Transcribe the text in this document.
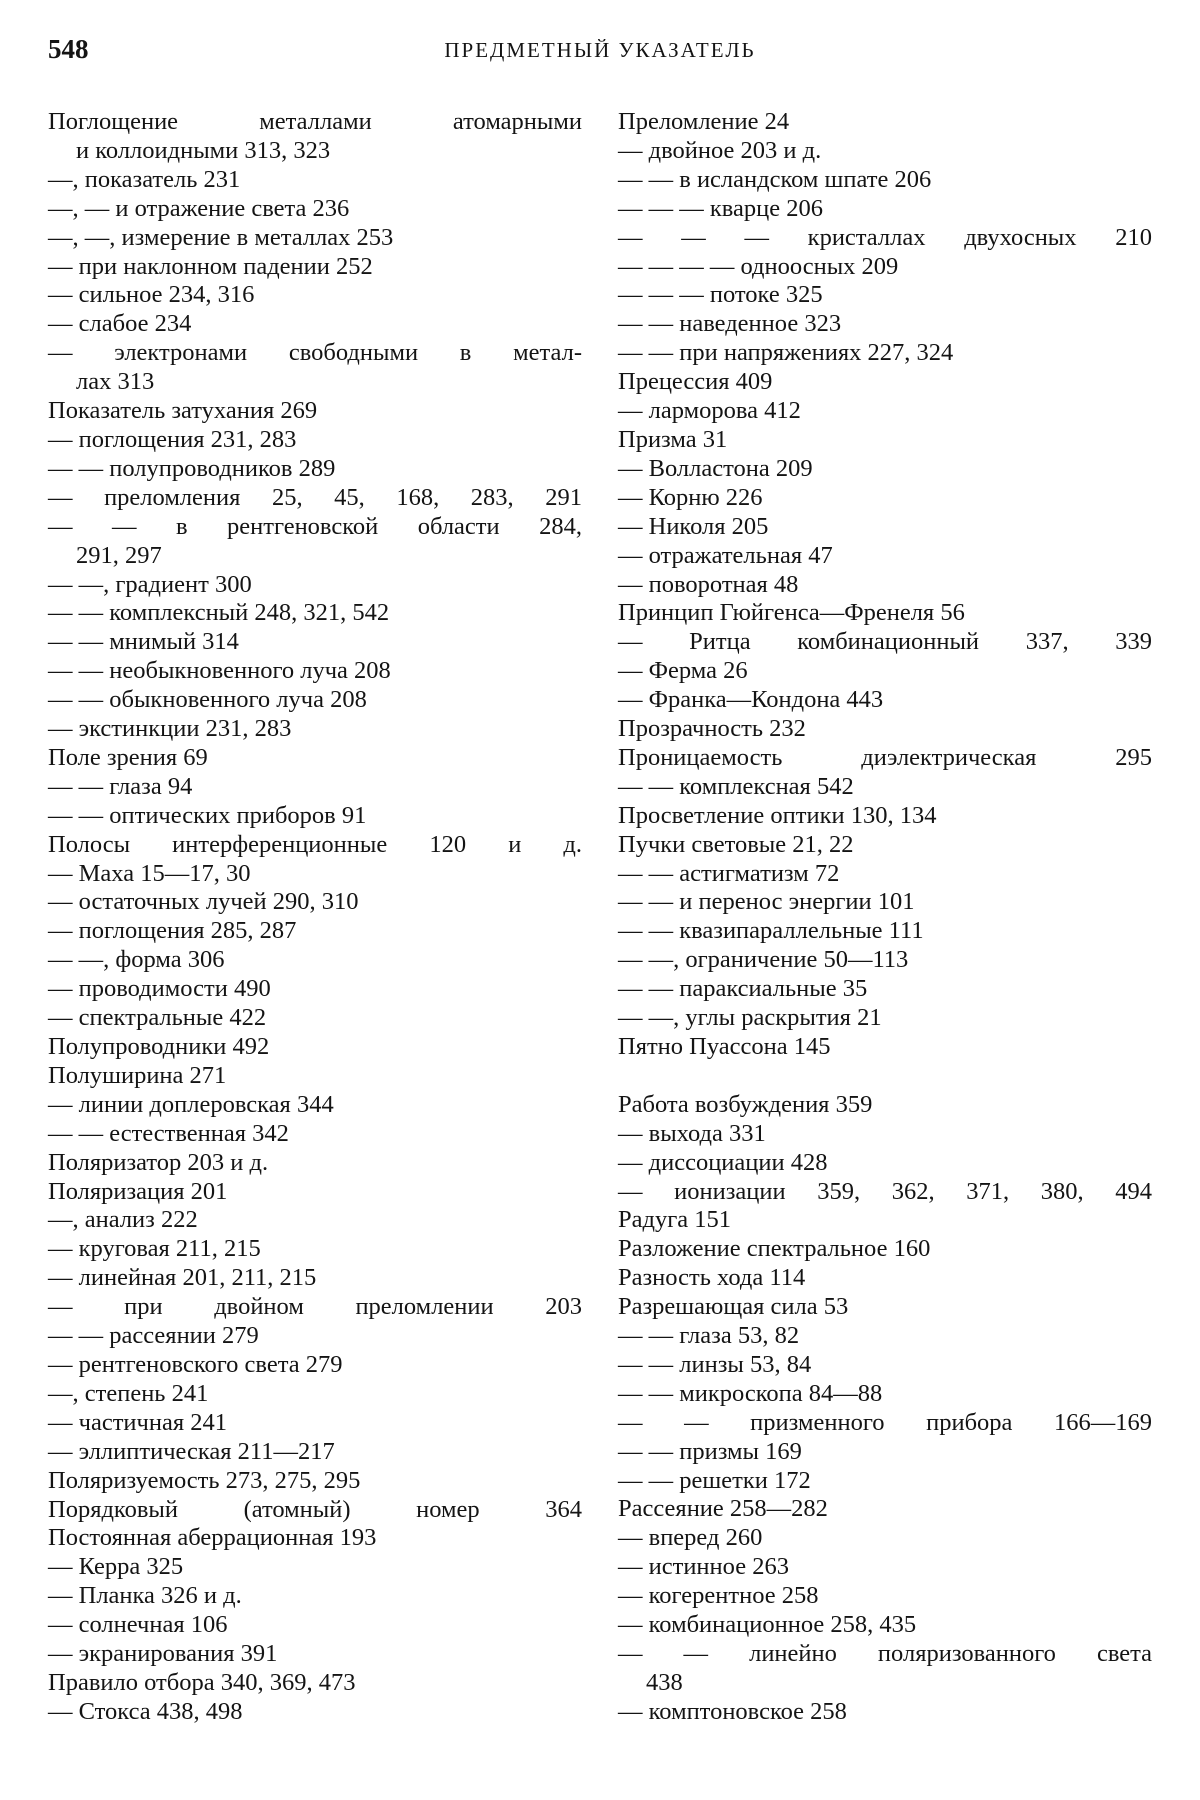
548	ПРЕДМЕТНЫЙ УКАЗАТЕЛЬ
Поглощение металлами атомарными
и коллоидными 313, 323
—, показатель 231
—, — и отражение света 236
—, —, измерение в металлах 253
— при наклонном падении 252
— сильное 234, 316
— слабое 234
— электронами свободными в метал-
лах 313
Показатель затухания 269
— поглощения 231, 283
— — полупроводников 289
— преломления 25, 45, 168, 283, 291
— — в рентгеновской области 284,
291, 297
— —, градиент 300
— — комплексный 248, 321, 542
— — мнимый 314
— — необыкновенного луча 208
— — обыкновенного луча 208
— экстинкции 231, 283
Поле зрения 69
— — глаза 94
— — оптических приборов 91
Полосы интерференционные 120 и д.
— Маха 15—17, 30
— остаточных лучей 290, 310
— поглощения 285, 287
— —, форма 306
— проводимости 490
— спектральные 422
Полупроводники 492
Полуширина 271
— линии доплеровская 344
— — естественная 342
Поляризатор 203 и д.
Поляризация 201
—, анализ 222
— круговая 211, 215
— линейная 201, 211, 215
— при двойном преломлении 203
— — рассеянии 279
— рентгеновского света 279
—, степень 241
— частичная 241
— эллиптическая 211—217
Поляризуемость 273, 275, 295
Порядковый (атомный) номер 364
Постоянная аберрационная 193
— Керра 325
— Планка 326 и д.
— солнечная 106
— экранирования 391
Правило отбора 340, 369, 473
— Стокса 438, 498
Преломление 24
— двойное 203 и д.
— — в исландском шпате 206
— — — кварце 206
— — — кристаллах двухосных 210
— — — — одноосных 209
— — — потоке 325
— — наведенное 323
— — при напряжениях 227, 324
Прецессия 409
— ларморова 412
Призма 31
— Волластона 209
— Корню 226
— Николя 205
— отражательная 47
— поворотная 48
Принцип Гюйгенса—Френеля 56
— Ритца комбинационный 337, 339
— Ферма 26
— Франка—Кондона 443
Прозрачность 232
Проницаемость диэлектрическая 295
— — комплексная 542
Просветление оптики 130, 134
Пучки световые 21, 22
— — астигматизм 72
— — и перенос энергии 101
— — квазипараллельные 111
— —, ограничение 50—113
— — параксиальные 35
— —, углы раскрытия 21
Пятно Пуассона 145
Работа возбуждения 359
— выхода 331
— диссоциации 428
— ионизации 359, 362, 371, 380, 494
Радуга 151
Разложение спектральное 160
Разность хода 114
Разрешающая сила 53
— — глаза 53, 82
— — линзы 53, 84
— — микроскопа 84—88
— — призменного прибора 166—169
— — призмы 169
— — решетки 172
Рассеяние 258—282
— вперед 260
— истинное 263
— когерентное 258
— комбинационное 258, 435
— — линейно поляризованного света
438
— комптоновское 258
